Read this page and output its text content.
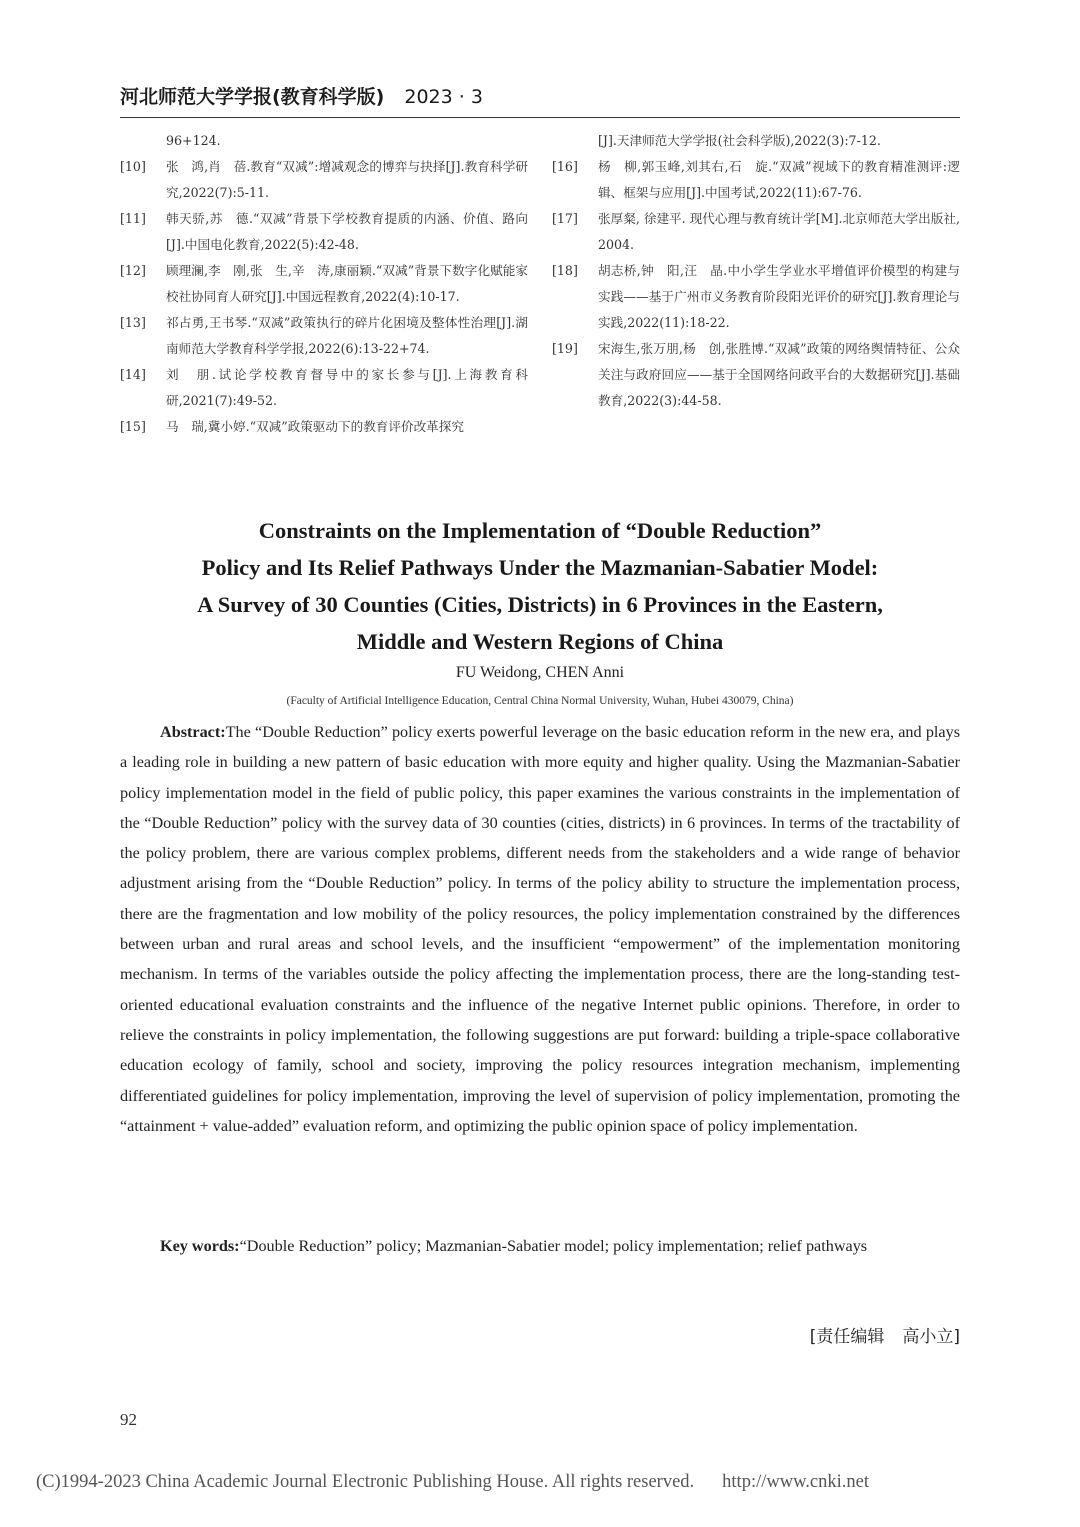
河北师范大学学报(教育科学版) 2023 · 3
96+124.
[10]	张　鸿,肖　蓓.教育“双减”:增减观念的博弈与抉择[J].教育科学研究,2022(7):5-11.
[11]	韩天骄,苏　德.“双减”背景下学校教育提质的内涵、价值、路向[J].中国电化教育,2022(5):42-48.
[12]	顾理澜,李　刚,张　生,辛　涛,康丽颖.“双减”背景下数字化赋能家校社协同育人研究[J].中国远程教育,2022(4):10-17.
[13]	祁占勇,王书琴.“双减”政策执行的碎片化困境及整体性治理[J].湖南师范大学教育科学学报,2022(6):13-22+74.
[14]	刘　朋.试论学校教育督导中的家长参与[J].上海教育科研,2021(7):49-52.
[15]	马　瑞,冀小婷.“双减”政策驱动下的教育评价改革探究
[J].天津师范大学学报(社会科学版),2022(3):7-12.
[16]	杨　柳,郭玉峰,刘其右,石　旋.“双减”视域下的教育精准测评:逻辑、框架与应用[J].中国考试,2022(11):67-76.
[17]	张厚粲, 徐建平. 现代心理与教育统计学[M].北京师范大学出版社, 2004.
[18]	胡志桥,钟　阳,汪　晶.中小学生学业水平增值评价模型的构建与实践——基于广州市义务教育阶段阳光评价的研究[J].教育理论与实践,2022(11):18-22.
[19]	宋海生,张万朋,杨　创,张胜博.“双减”政策的网络舆情特征、公众关注与政府回应——基于全国网络问政平台的大数据研究[J].基础教育,2022(3):44-58.
Constraints on the Implementation of “Double Reduction”
Policy and Its Relief Pathways Under the Mazmanian-Sabatier Model:
A Survey of 30 Counties (Cities, Districts) in 6 Provinces in the Eastern,
Middle and Western Regions of China
FU Weidong, CHEN Anni
(Faculty of Artificial Intelligence Education, Central China Normal University, Wuhan, Hubei 430079, China)

Abstract:The “Double Reduction” policy exerts powerful leverage on the basic education reform in the new era, and plays a leading role in building a new pattern of basic education with more equity and higher quality. Using the Mazmanian-Sabatier policy implementation model in the field of public policy, this paper examines the various constraints in the implementation of the “Double Reduction” policy with the survey data of 30 counties (cities, districts) in 6 provinces. In terms of the tractability of the policy problem, there are various complex problems, different needs from the stakeholders and a wide range of behavior adjustment arising from the “Double Reduction” policy. In terms of the policy ability to structure the implementation process, there are the fragmentation and low mobility of the policy resources, the policy implementation constrained by the differences between urban and rural areas and school levels, and the insufficient “empowerment” of the implementation monitoring mechanism. In terms of the variables outside the policy affecting the implementation process, there are the long-standing test-oriented educational evaluation constraints and the influence of the negative Internet public opinions. Therefore, in order to relieve the constraints in policy implementation, the following suggestions are put forward: building a triple-space collaborative education ecology of family, school and society, improving the policy resources integration mechanism, implementing differentiated guidelines for policy implementation, improving the level of supervision of policy implementation, promoting the “attainment + value-added” evaluation reform, and optimizing the public opinion space of policy implementation.

Key words:“Double Reduction” policy; Mazmanian-Sabatier model; policy implementation; relief pathways

[责任编辑 高小立]
92
(C)1994-2023 China Academic Journal Electronic Publishing House. All rights reserved. http://www.cnki.net
